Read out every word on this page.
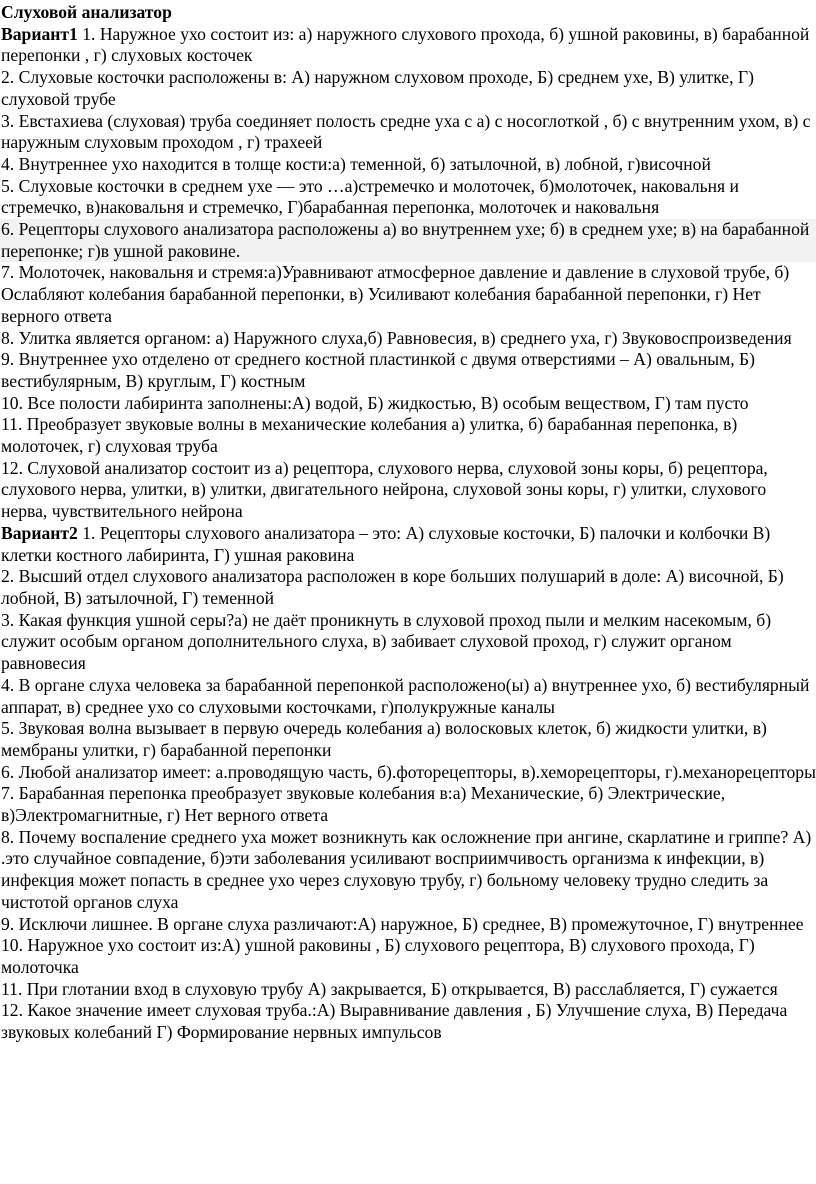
Слуховой анализатор

Вариант1 1. Наружное ухо состоит из: а) наружного слухового прохода, б) ушной раковины, в) барабанной перепонки , г) слуховых косточек

2. Слуховые косточки расположены в: А) наружном слуховом проходе, Б) среднем ухе, В) улитке, Г) слуховой трубе

3. Евстахиева (слуховая) труба соединяет полость средне уха с а) с носоглоткой , б) с внутренним ухом, в) с наружным слуховым проходом , г) трахеей

4. Внутреннее ухо находится в толще кости:а) теменной, б) затылочной, в) лобной, г)височной

5. Слуховые косточки в среднем ухе — это …а)стремечко и молоточек, б)молоточек, наковальня и стремечко, в)наковальня и стремечко, Г)барабанная перепонка, молоточек и наковальня

6. Рецепторы слухового анализатора расположены а) во внутреннем ухе; б) в среднем ухе; в) на барабанной перепонке; г)в ушной раковине.

7. Молоточек, наковальня и стремя:а)Уравнивают атмосферное давление и давление в слуховой трубе, б) Ослабляют колебания барабанной перепонки, в) Усиливают колебания барабанной перепонки, г) Нет верного ответа

8. Улитка является органом: а) Наружного слуха,б) Равновесия, в) среднего уха, г) Звуковоспроизведения

9. Внутреннее ухо отделено от среднего костной пластинкой с двумя отверстиями – А) овальным, Б) вестибулярным, В) круглым, Г) костным

10. Все полости лабиринта заполнены:А) водой, Б) жидкостью, В) особым веществом, Г) там пусто

11. Преобразует звуковые волны в механические колебания а) улитка, б) барабанная перепонка, в) молоточек, г) слуховая труба

12. Слуховой анализатор состоит из а) рецептора, слухового нерва, слуховой зоны коры, б) рецептора, слухового нерва, улитки, в) улитки, двигательного нейрона, слуховой зоны коры, г) улитки, слухового нерва, чувствительного нейрона

Вариант2 1. Рецепторы слухового анализатора – это: А) слуховые косточки, Б) палочки и колбочки В) клетки костного лабиринта, Г) ушная раковина

2. Высший отдел слухового анализатора расположен в коре больших полушарий в доле: А) височной, Б) лобной, В) затылочной, Г) теменной

3. Какая функция ушной серы?а) не даёт проникнуть в слуховой проход пыли и мелким насекомым, б) служит особым органом дополнительного слуха, в) забивает слуховой проход, г) служит органом равновесия

4. В органе слуха человека за барабанной перепонкой расположено(ы) а) внутреннее ухо, б) вестибулярный аппарат, в) среднее ухо со слуховыми косточками, г)полукружные каналы

5. Звуковая волна вызывает в первую очередь колебания а) волосковых клеток, б) жидкости улитки, в) мембраны улитки, г) барабанной перепонки

6. Любой анализатор имеет: а.проводящую часть, б).фоторецепторы, в).хеморецепторы, г).механорецепторы

7. Барабанная перепонка преобразует звуковые колебания в:а) Механические, б) Электрические, в)Электромагнитные, г) Нет верного ответа

8. Почему воспаление среднего уха может возникнуть как осложнение при ангине, скарлатине и гриппе? А) .это случайное совпадение, б)эти заболевания усиливают восприимчивость организма к инфекции, в) инфекция может попасть в среднее ухо через слуховую трубу, г) больному человеку трудно следить за чистотой органов слуха

9. Исключи лишнее. В органе слуха различают:А) наружное, Б) среднее, В) промежуточное, Г) внутреннее

10. Наружное ухо состоит из:А) ушной раковины , Б) слухового рецептора, В) слухового прохода, Г) молоточка

11. При глотании вход в слуховую трубу А) закрывается, Б) открывается, В) расслабляется, Г) сужается

12. Какое значение имеет слуховая труба.:А) Выравнивание давления , Б) Улучшение слуха, В) Передача звуковых колебаний Г) Формирование нервных импульсов
